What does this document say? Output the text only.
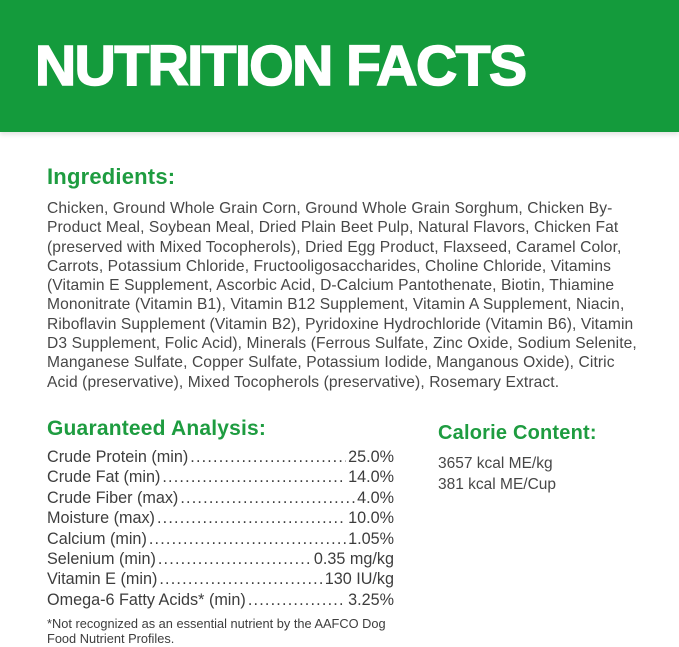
NUTRITION FACTS
Ingredients:

Chicken, Ground Whole Grain Corn, Ground Whole Grain Sorghum, Chicken By-Product Meal, Soybean Meal, Dried Plain Beet Pulp, Natural Flavors, Chicken Fat (preserved with Mixed Tocopherols), Dried Egg Product, Flaxseed, Caramel Color, Carrots, Potassium Chloride, Fructooligosaccharides, Choline Chloride, Vitamins (Vitamin E Supplement, Ascorbic Acid, D-Calcium Pantothenate, Biotin, Thiamine Mononitrate (Vitamin B1), Vitamin B12 Supplement, Vitamin A Supplement, Niacin, Riboflavin Supplement (Vitamin B2), Pyridoxine Hydrochloride (Vitamin B6), Vitamin D3 Supplement, Folic Acid), Minerals (Ferrous Sulfate, Zinc Oxide, Sodium Selenite, Manganese Sulfate, Copper Sulfate, Potassium Iodide, Manganous Oxide), Citric Acid (preservative), Mixed Tocopherols (preservative), Rosemary Extract.

Guaranteed Analysis:
Crude Protein (min) .....	25.0%
Crude Fat (min) .....	14.0%
Crude Fiber (max) .....	4.0%
Moisture (max) .....	10.0%
Calcium (min) .....	1.05%
Selenium (min) .....	0.35 mg/kg
Vitamin E (min) .....	130 IU/kg
Omega-6 Fatty Acids* (min) .....	3.25%

*Not recognized as an essential nutrient by the AAFCO Dog Food Nutrient Profiles.

Calorie Content:

3657 kcal ME/kg

381 kcal ME/Cup
